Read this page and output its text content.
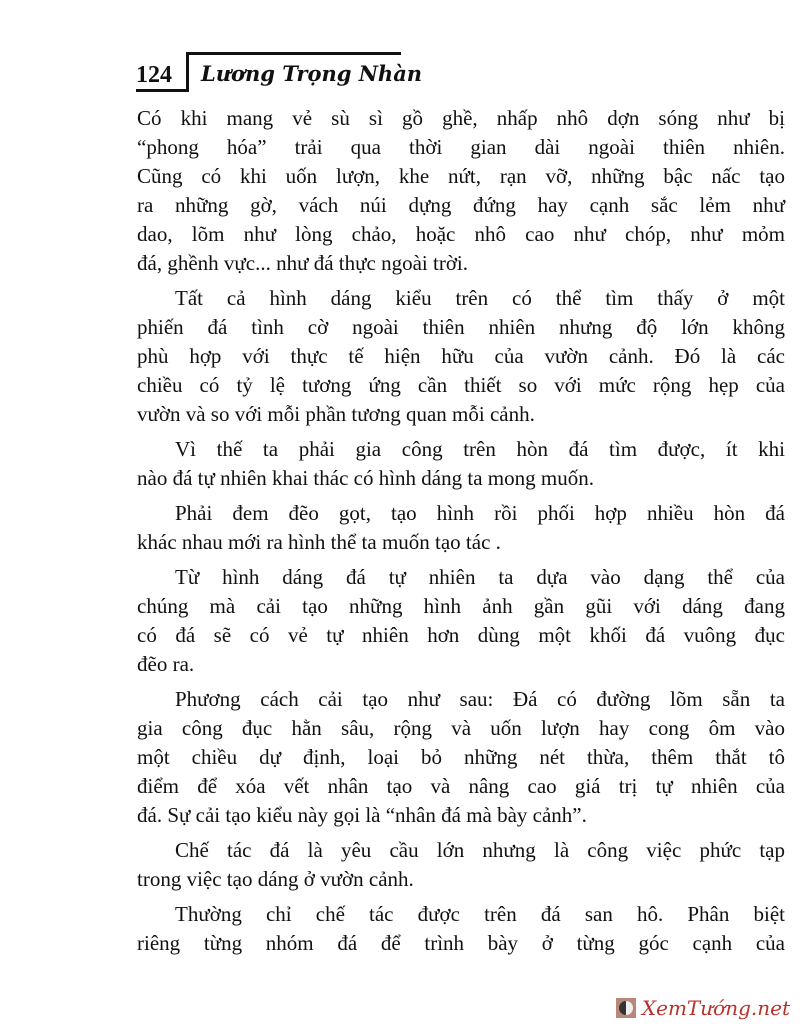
124 Lương Trọng Nhàn
Có khi mang vẻ sù sì gồ ghề, nhấp nhô dợn sóng như bị
“phong hóa” trải qua thời gian dài ngoài thiên nhiên.
Cũng có khi uốn lượn, khe nứt, rạn vỡ, những bậc nấc tạo
ra những gờ, vách núi dựng đứng hay cạnh sắc lẻm như
dao, lõm như lòng chảo, hoặc nhô cao như chóp, như mỏm
đá, ghềnh vực... như đá thực ngoài trời.
Tất cả hình dáng kiểu trên có thể tìm thấy ở một
phiến đá tình cờ ngoài thiên nhiên nhưng độ lớn không
phù hợp với thực tế hiện hữu của vườn cảnh. Đó là các
chiều có tỷ lệ tương ứng cần thiết so với mức rộng hẹp của
vườn và so với mỗi phần tương quan mỗi cảnh.
Vì thế ta phải gia công trên hòn đá tìm được, ít khi
nào đá tự nhiên khai thác có hình dáng ta mong muốn.
Phải đem đẽo gọt, tạo hình rồi phối hợp nhiều hòn đá
khác nhau mới ra hình thể ta muốn tạo tác .
Từ hình dáng đá tự nhiên ta dựa vào dạng thể của
chúng mà cải tạo những hình ảnh gần gũi với dáng đang
có đá sẽ có vẻ tự nhiên hơn dùng một khối đá vuông đục
đẽo ra.
Phương cách cải tạo như sau: Đá có đường lõm sẵn ta
gia công đục hằn sâu, rộng và uốn lượn hay cong ôm vào
một chiều dự định, loại bỏ những nét thừa, thêm thắt tô
điểm để xóa vết nhân tạo và nâng cao giá trị tự nhiên của
đá. Sự cải tạo kiểu này gọi là “nhân đá mà bày cảnh”.
Chế tác đá là yêu cầu lớn nhưng là công việc phức tạp
trong việc tạo dáng ở vườn cảnh.
Thường chỉ chế tác được trên đá san hô. Phân biệt
riêng từng nhóm đá để trình bày ở từng góc cạnh của
XemTướng.net
